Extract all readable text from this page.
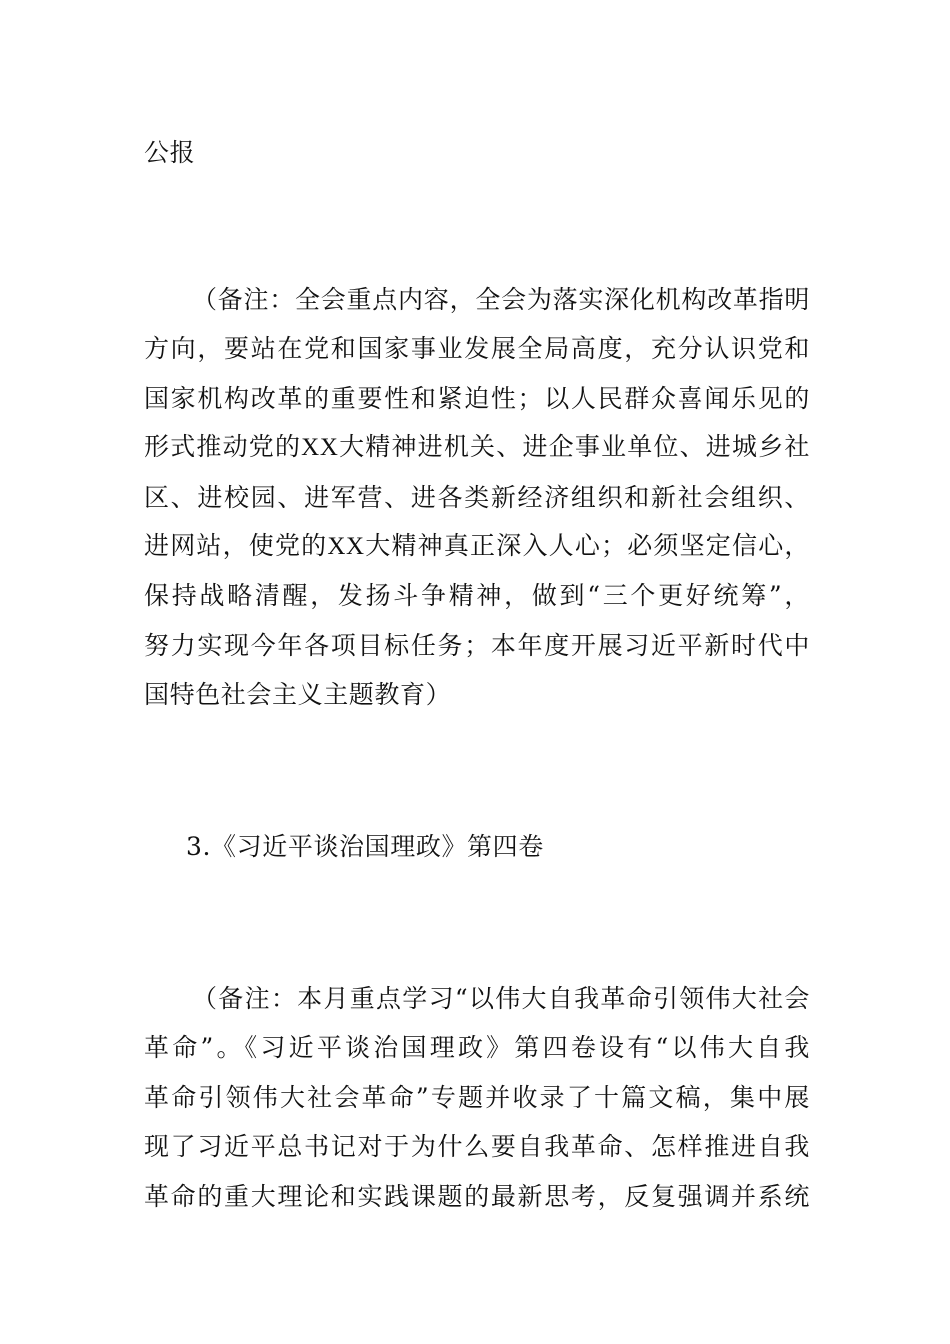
公报
（备注：全会重点内容，全会为落实深化机构改革指明
方向，要站在党和国家事业发展全局高度，充分认识党和
国家机构改革的重要性和紧迫性；以人民群众喜闻乐见的
形式推动党的XX大精神进机关、进企事业单位、进城乡社
区、进校园、进军营、进各类新经济组织和新社会组织、
进网站，使党的XX大精神真正深入人心；必须坚定信心，
保持战略清醒，发扬斗争精神，做到“三个更好统筹”，
努力实现今年各项目标任务；本年度开展习近平新时代中
国特色社会主义主题教育）
3.《习近平谈治国理政》第四卷
（备注：本月重点学习“以伟大自我革命引领伟大社会
革命”。《习近平谈治国理政》第四卷设有“以伟大自我
革命引领伟大社会革命”专题并收录了十篇文稿，集中展
现了习近平总书记对于为什么要自我革命、怎样推进自我
革命的重大理论和实践课题的最新思考，反复强调并系统
